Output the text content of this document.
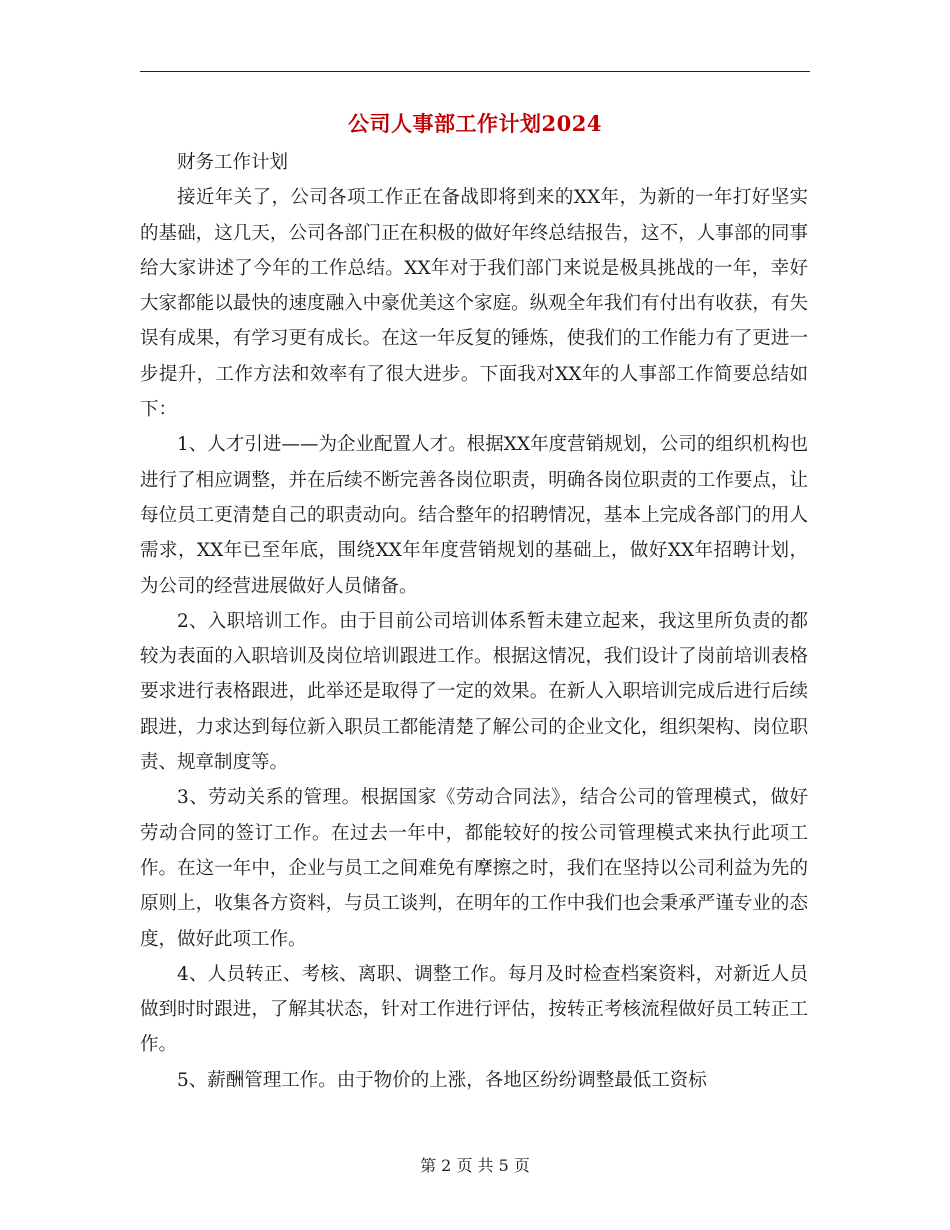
公司人事部工作计划2024

财务工作计划

接近年关了，公司各项工作正在备战即将到来的XX年，为新的一年打好坚实的基础，这几天，公司各部门正在积极的做好年终总结报告，这不，人事部的同事给大家讲述了今年的工作总结。XX年对于我们部门来说是极具挑战的一年，幸好大家都能以最快的速度融入中豪优美这个家庭。纵观全年我们有付出有收获，有失误有成果，有学习更有成长。在这一年反复的锤炼，使我们的工作能力有了更进一步提升，工作方法和效率有了很大进步。下面我对XX年的人事部工作简要总结如下：

1、人才引进——为企业配置人才。根据XX年度营销规划，公司的组织机构也进行了相应调整，并在后续不断完善各岗位职责，明确各岗位职责的工作要点，让每位员工更清楚自己的职责动向。结合整年的招聘情况，基本上完成各部门的用人需求，XX年已至年底，围绕XX年年度营销规划的基础上，做好XX年招聘计划，为公司的经营进展做好人员储备。

2、入职培训工作。由于目前公司培训体系暂未建立起来，我这里所负责的都较为表面的入职培训及岗位培训跟进工作。根据这情况，我们设计了岗前培训表格要求进行表格跟进，此举还是取得了一定的效果。在新人入职培训完成后进行后续跟进，力求达到每位新入职员工都能清楚了解公司的企业文化，组织架构、岗位职责、规章制度等。

3、劳动关系的管理。根据国家《劳动合同法》，结合公司的管理模式，做好劳动合同的签订工作。在过去一年中，都能较好的按公司管理模式来执行此项工作。在这一年中，企业与员工之间难免有摩擦之时，我们在坚持以公司利益为先的原则上，收集各方资料，与员工谈判，在明年的工作中我们也会秉承严谨专业的态度，做好此项工作。

4、人员转正、考核、离职、调整工作。每月及时检查档案资料，对新近人员做到时时跟进，了解其状态，针对工作进行评估，按转正考核流程做好员工转正工作。

5、薪酬管理工作。由于物价的上涨，各地区纷纷调整最低工资标

第 2 页 共 5 页
